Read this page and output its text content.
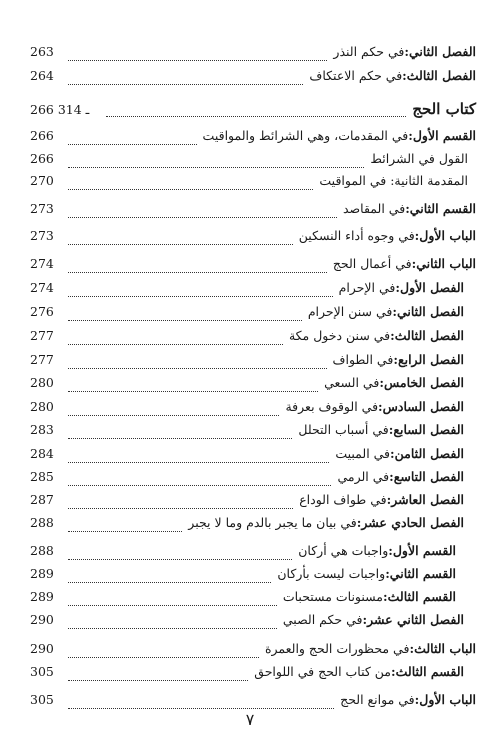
الفصل الثاني:
في حكم النذر
263
الفصل الثالث:
في حكم الاعتكاف
264
كتاب الحج
266 ـ 314
القسم الأول:
في المقدمات، وهي الشرائط والمواقيت
266
القول في الشرائط
266
المقدمة الثانية: في المواقيت
270
القسم الثاني:
في المقاصد
273
الباب الأول:
في وجوه أداء النسكين
273
الباب الثاني:
في أعمال الحج
274
الفصل الأول:
في الإحرام
274
الفصل الثاني:
في سنن الإحرام
276
الفصل الثالث:
في سنن دخول مكة
277
الفصل الرابع:
في الطواف
277
الفصل الخامس:
في السعي
280
الفصل السادس:
في الوقوف بعرفة
280
الفصل السابع:
في أسباب التحلل
283
الفصل الثامن:
في المبيت
284
الفصل التاسع:
في الرمي
285
الفصل العاشر:
في طواف الوداع
287
الفصل الحادي عشر:
في بيان ما يجبر بالدم وما لا يجبر
288
القسم الأول:
واجبات هي أركان
288
القسم الثاني:
واجبات ليست بأركان
289
القسم الثالث:
مسنونات مستحبات
289
الفصل الثاني عشر:
في حكم الصبي
290
الباب الثالث:
في محظورات الحج والعمرة
290
القسم الثالث:
من كتاب الحج في اللواحق
305
الباب الأول:
في موانع الحج
305
٧
